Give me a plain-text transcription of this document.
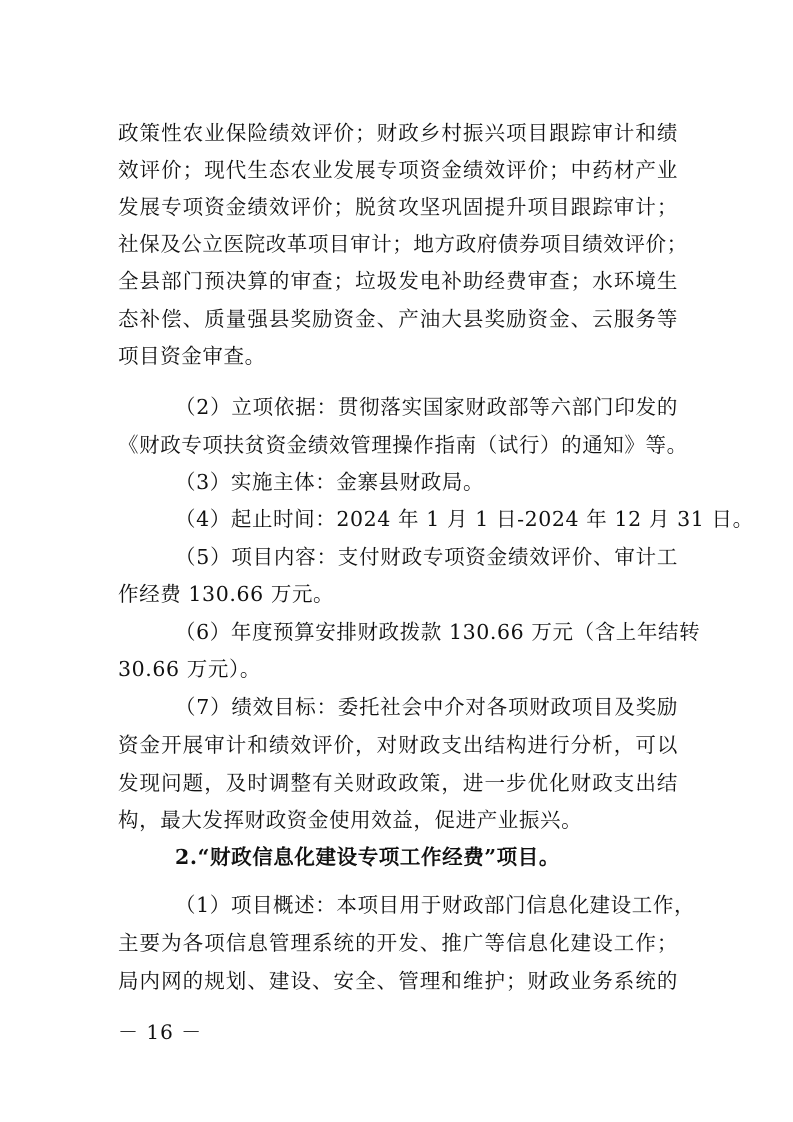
政策性农业保险绩效评价；财政乡村振兴项目跟踪审计和绩
效评价；现代生态农业发展专项资金绩效评价；中药材产业
发展专项资金绩效评价；脱贫攻坚巩固提升项目跟踪审计；
社保及公立医院改革项目审计；地方政府债券项目绩效评价；
全县部门预决算的审查；垃圾发电补助经费审查；水环境生
态补偿、质量强县奖励资金、产油大县奖励资金、云服务等
项目资金审查。
（2）立项依据：贯彻落实国家财政部等六部门印发的
《财政专项扶贫资金绩效管理操作指南（试行）的通知》等。
（3）实施主体：金寨县财政局。
（4）起止时间：2024 年 1 月 1 日-2024 年 12 月 31 日。
（5）项目内容：支付财政专项资金绩效评价、审计工
作经费 130.66 万元。
（6）年度预算安排财政拨款 130.66 万元（含上年结转
30.66 万元）。
（7）绩效目标：委托社会中介对各项财政项目及奖励
资金开展审计和绩效评价，对财政支出结构进行分析，可以
发现问题，及时调整有关财政政策，进一步优化财政支出结
构，最大发挥财政资金使用效益，促进产业振兴。
2.“财政信息化建设专项工作经费”项目。
（1）项目概述：本项目用于财政部门信息化建设工作，
主要为各项信息管理系统的开发、推广等信息化建设工作；
局内网的规划、建设、安全、管理和维护；财政业务系统的
－ 16 －
